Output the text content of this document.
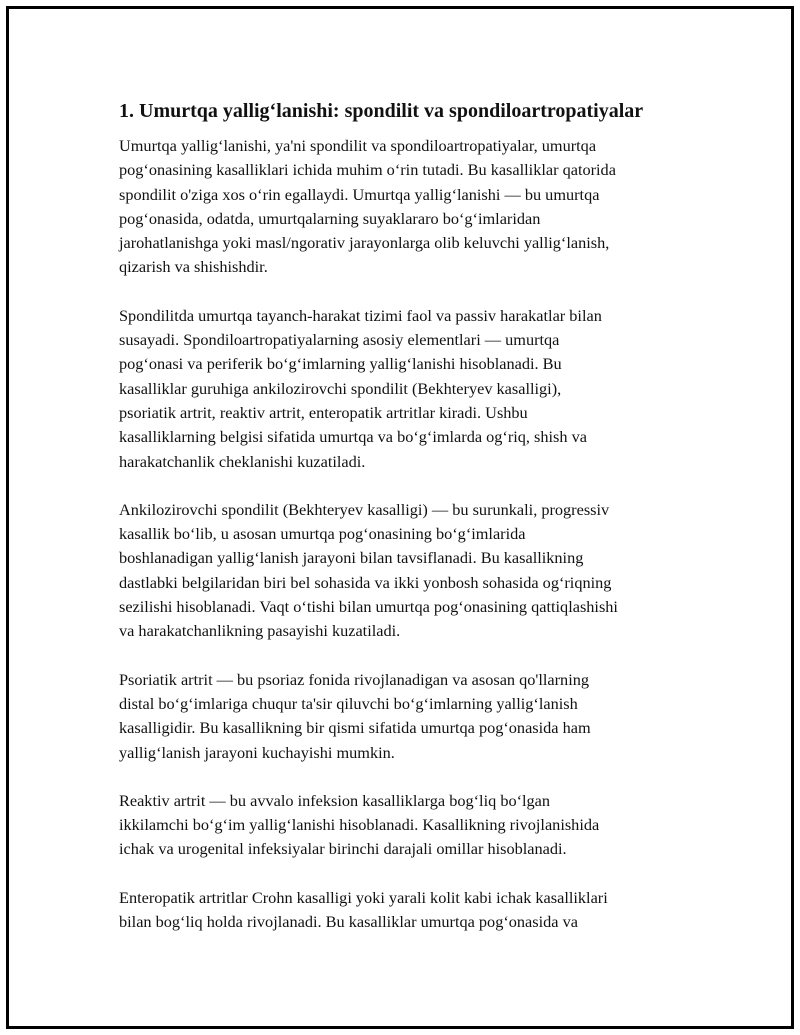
1. Umurtqa yallig‘lanishi: spondilit va spondiloartropatiyalar

Umurtqa yallig‘lanishi, ya'ni spondilit va spondiloartropatiyalar, umurtqa
pog‘onasining kasalliklari ichida muhim o‘rin tutadi. Bu kasalliklar qatorida
spondilit o'ziga xos o‘rin egallaydi. Umurtqa yallig‘lanishi — bu umurtqa
pog‘onasida, odatda, umurtqalarning suyaklararo bo‘g‘imlaridan
jarohatlanishga yoki masl/ngorativ jarayonlarga olib keluvchi yallig‘lanish,
qizarish va shishishdir.

Spondilitda umurtqa tayanch-harakat tizimi faol va passiv harakatlar bilan
susayadi. Spondiloartropatiyalarning asosiy elementlari — umurtqa
pog‘onasi va periferik bo‘g‘imlarning yallig‘lanishi hisoblanadi. Bu
kasalliklar guruhiga ankilozirovchi spondilit (Bekhteryev kasalligi),
psoriatik artrit, reaktiv artrit, enteropatik artritlar kiradi. Ushbu
kasalliklarning belgisi sifatida umurtqa va bo‘g‘imlarda og‘riq, shish va
harakatchanlik cheklanishi kuzatiladi.

Ankilozirovchi spondilit (Bekhteryev kasalligi) — bu surunkali, progressiv
kasallik bo‘lib, u asosan umurtqa pog‘onasining bo‘g‘imlarida
boshlanadigan yallig‘lanish jarayoni bilan tavsiflanadi. Bu kasallikning
dastlabki belgilaridan biri bel sohasida va ikki yonbosh sohasida og‘riqning
sezilishi hisoblanadi. Vaqt o‘tishi bilan umurtqa pog‘onasining qattiqlashishi
va harakatchanlikning pasayishi kuzatiladi.

Psoriatik artrit — bu psoriaz fonida rivojlanadigan va asosan qo'llarning
distal bo‘g‘imlariga chuqur ta'sir qiluvchi bo‘g‘imlarning yallig‘lanish
kasalligidir. Bu kasallikning bir qismi sifatida umurtqa pog‘onasida ham
yallig‘lanish jarayoni kuchayishi mumkin.

Reaktiv artrit — bu avvalo infeksion kasalliklarga bog‘liq bo‘lgan
ikkilamchi bo‘g‘im yallig‘lanishi hisoblanadi. Kasallikning rivojlanishida
ichak va urogenital infeksiyalar birinchi darajali omillar hisoblanadi.

Enteropatik artritlar Crohn kasalligi yoki yarali kolit kabi ichak kasalliklari
bilan bog‘liq holda rivojlanadi. Bu kasalliklar umurtqa pog‘onasida va
